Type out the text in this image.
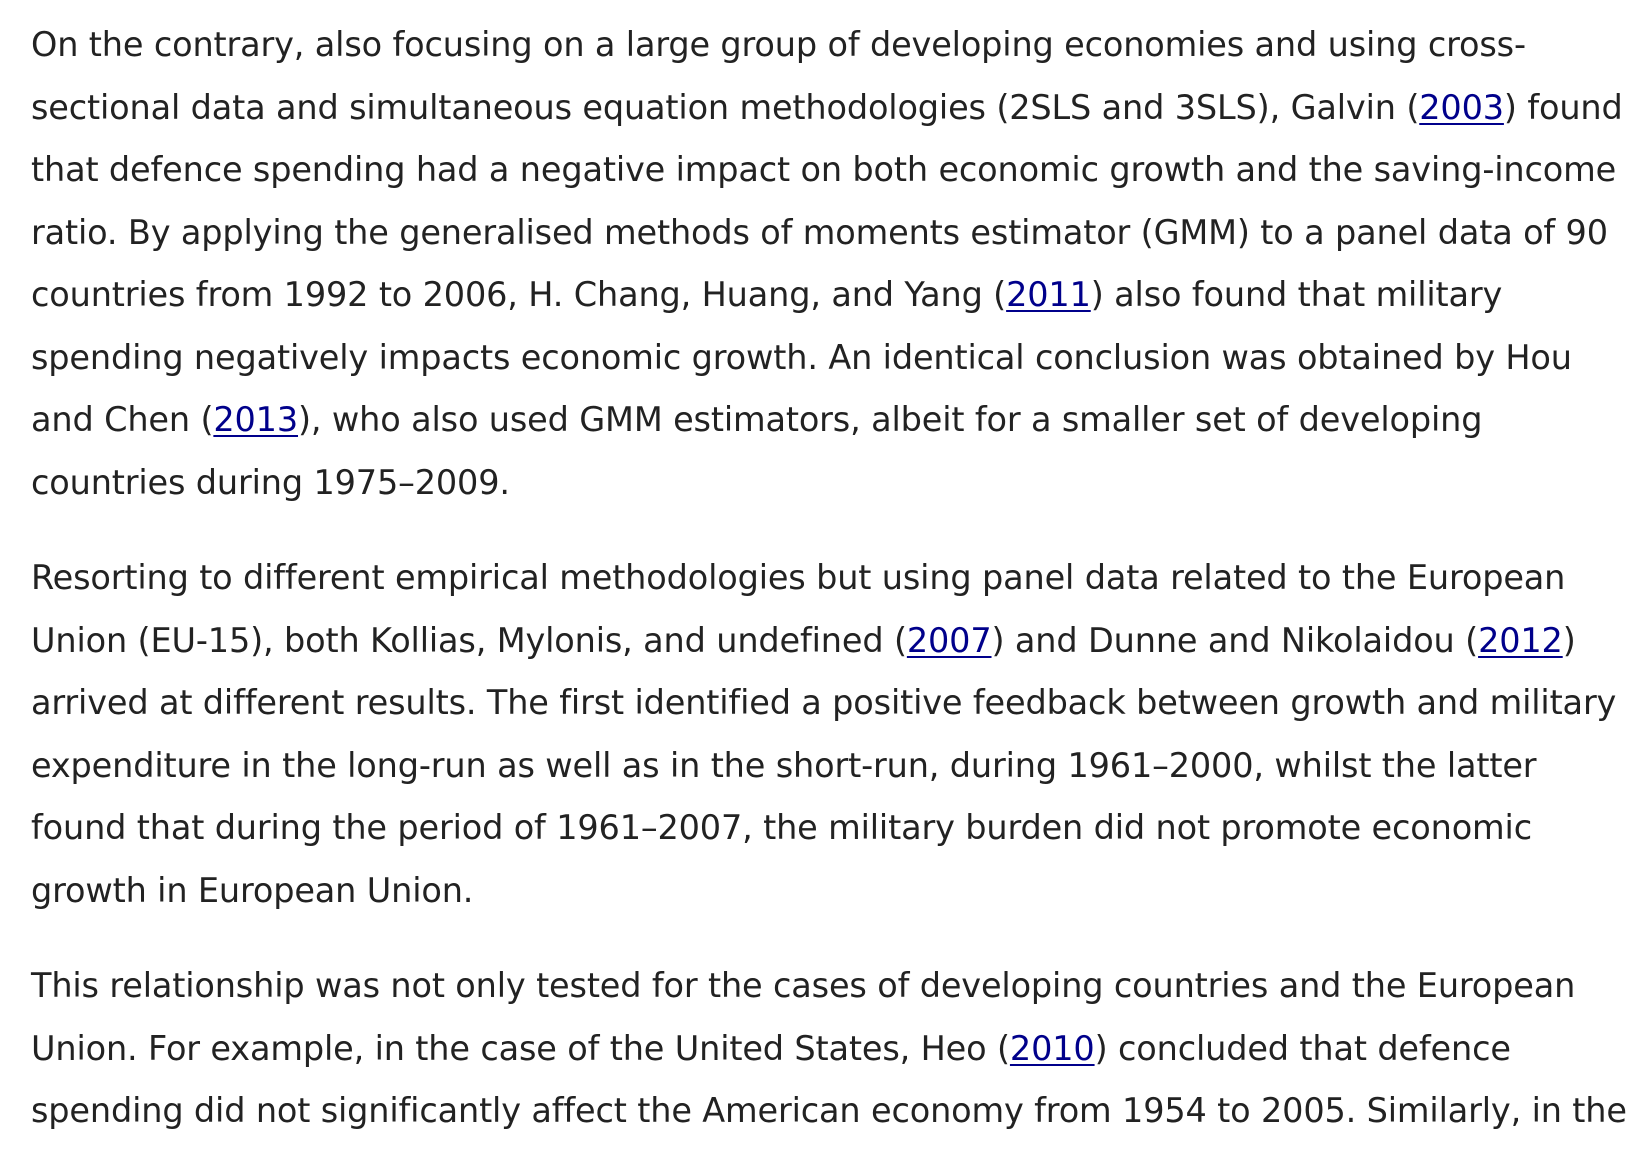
On the contrary, also focusing on a large group of developing economies and using cross-
sectional data and simultaneous equation methodologies (2SLS and 3SLS), Galvin (2003) found
that defence spending had a negative impact on both economic growth and the saving-income
ratio. By applying the generalised methods of moments estimator (GMM) to a panel data of 90
countries from 1992 to 2006, H. Chang, Huang, and Yang (2011) also found that military
spending negatively impacts economic growth. An identical conclusion was obtained by Hou
and Chen (2013), who also used GMM estimators, albeit for a smaller set of developing
countries during 1975–2009.

Resorting to different empirical methodologies but using panel data related to the European
Union (EU-15), both Kollias, Mylonis, and undefined (2007) and Dunne and Nikolaidou (2012)
arrived at different results. The first identified a positive feedback between growth and military
expenditure in the long-run as well as in the short-run, during 1961–2000, whilst the latter
found that during the period of 1961–2007, the military burden did not promote economic
growth in European Union.

This relationship was not only tested for the cases of developing countries and the European
Union. For example, in the case of the United States, Heo (2010) concluded that defence
spending did not significantly affect the American economy from 1954 to 2005. Similarly, in the
